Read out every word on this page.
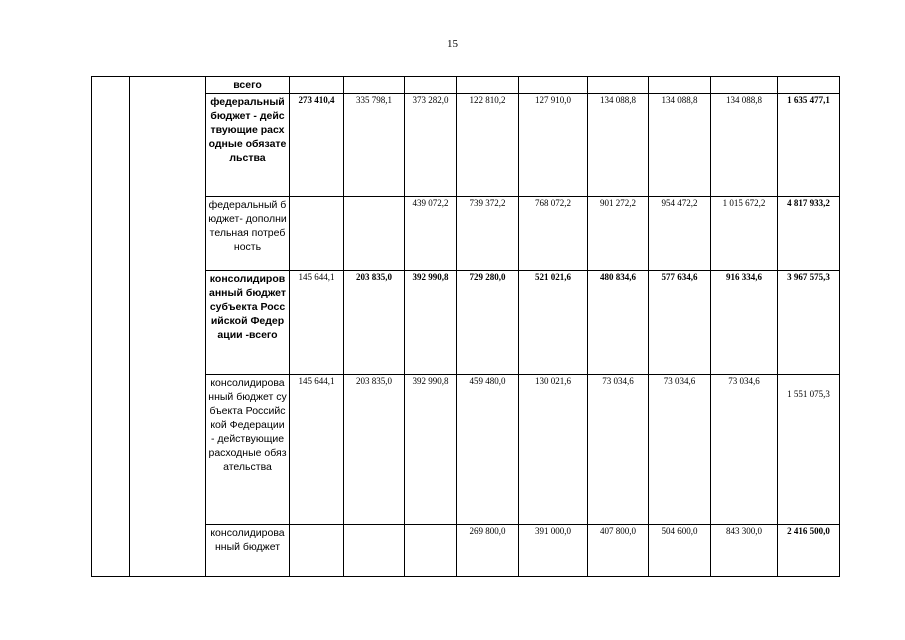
15
		всего									
		федеральный бюджет - действующие расходные обязательства	273 410,4	335 798,1	373 282,0	122 810,2	127 910,0	134 088,8	134 088,8	134 088,8	1 635 477,1
		федеральный бюджет- дополнительная потребность			439 072,2	739 372,2	768 072,2	901 272,2	954 472,2	1 015 672,2	4 817 933,2
		консолидированный бюджет субъекта Российской Федерации -всего	145 644,1	203 835,0	392 990,8	729 280,0	521 021,6	480 834,6	577 634,6	916 334,6	3 967 575,3
		консолидированный бюджет субъекта Российской Федерации - действующие расходные обязательства	145 644,1	203 835,0	392 990,8	459 480,0	130 021,6	73 034,6	73 034,6	73 034,6	1 551 075,3
		консолидированный бюджет				269 800,0	391 000,0	407 800,0	504 600,0	843 300,0	2 416 500,0
